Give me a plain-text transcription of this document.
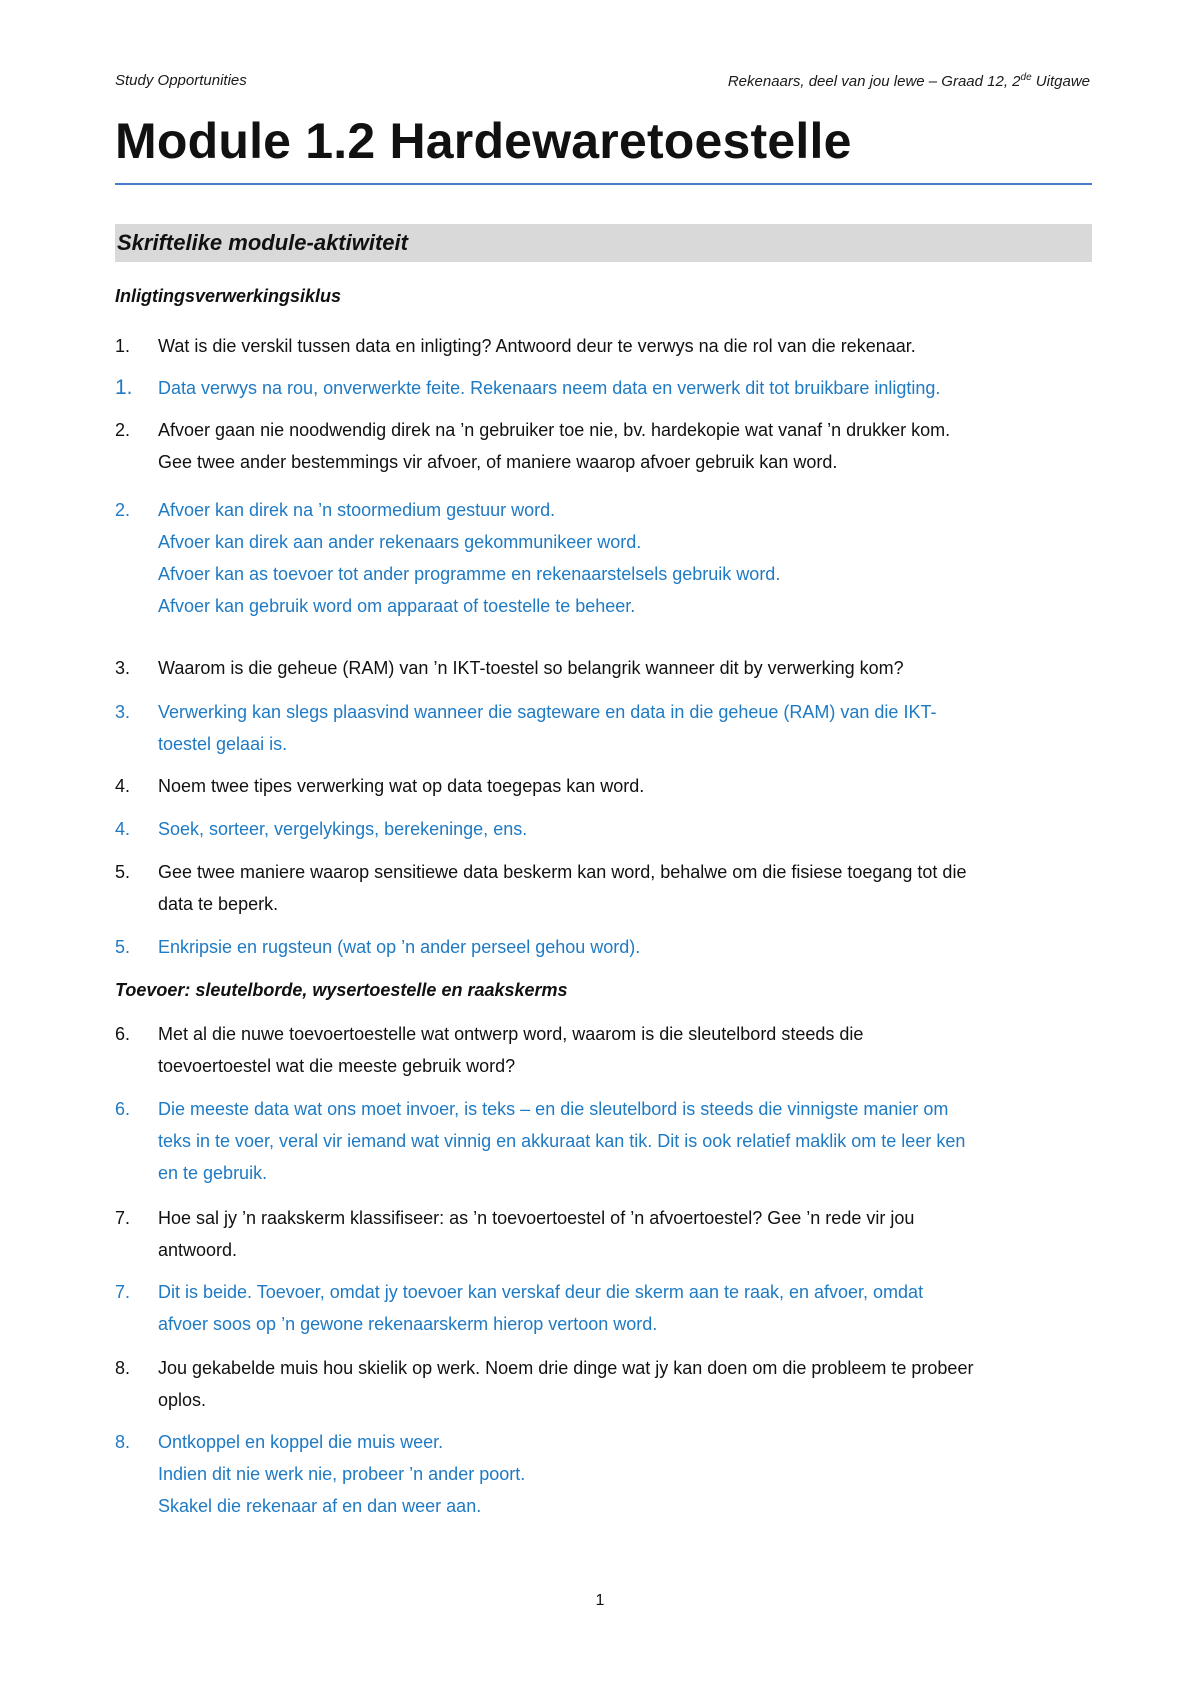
Study Opportunities	Rekenaars, deel van jou lewe – Graad 12, 2de Uitgawe
Module 1.2 Hardewaretoestelle
Skriftelike module-aktiwiteit
Inligtingsverwerkingsiklus
1.	Wat is die verskil tussen data en inligting? Antwoord deur te verwys na die rol van die rekenaar.
1.	Data verwys na rou, onverwerkte feite. Rekenaars neem data en verwerk dit tot bruikbare inligting.
2.	Afvoer gaan nie noodwendig direk na ’n gebruiker toe nie, bv. hardekopie wat vanaf ’n drukker kom.
Gee twee ander bestemmings vir afvoer, of maniere waarop afvoer gebruik kan word.
2.	Afvoer kan direk na ’n stoormedium gestuur word.
Afvoer kan direk aan ander rekenaars gekommunikeer word.
Afvoer kan as toevoer tot ander programme en rekenaarstelsels gebruik word.
Afvoer kan gebruik word om apparaat of toestelle te beheer.
3.	Waarom is die geheue (RAM) van ’n IKT-toestel so belangrik wanneer dit by verwerking kom?
3.	Verwerking kan slegs plaasvind wanneer die sagteware en data in die geheue (RAM) van die IKT-
toestel gelaai is.
4.	Noem twee tipes verwerking wat op data toegepas kan word.
4.	Soek, sorteer, vergelykings, berekeninge, ens.
5.	Gee twee maniere waarop sensitiewe data beskerm kan word, behalwe om die fisiese toegang tot die
data te beperk.
5.	Enkripsie en rugsteun (wat op ’n ander perseel gehou word).
Toevoer: sleutelborde, wysertoestelle en raakskerms
6.	Met al die nuwe toevoertoestelle wat ontwerp word, waarom is die sleutelbord steeds die
toevoertoestel wat die meeste gebruik word?
6.	Die meeste data wat ons moet invoer, is teks – en die sleutelbord is steeds die vinnigste manier om
teks in te voer, veral vir iemand wat vinnig en akkuraat kan tik. Dit is ook relatief maklik om te leer ken
en te gebruik.
7.	Hoe sal jy ’n raakskerm klassifiseer: as ’n toevoertoestel of ’n afvoertoestel? Gee ’n rede vir jou
antwoord.
7.	Dit is beide. Toevoer, omdat jy toevoer kan verskaf deur die skerm aan te raak, en afvoer, omdat
afvoer soos op ’n gewone rekenaarskerm hierop vertoon word.
8.	Jou gekabelde muis hou skielik op werk. Noem drie dinge wat jy kan doen om die probleem te probeer
oplos.
8.	Ontkoppel en koppel die muis weer.
Indien dit nie werk nie, probeer ’n ander poort.
Skakel die rekenaar af en dan weer aan.
1
